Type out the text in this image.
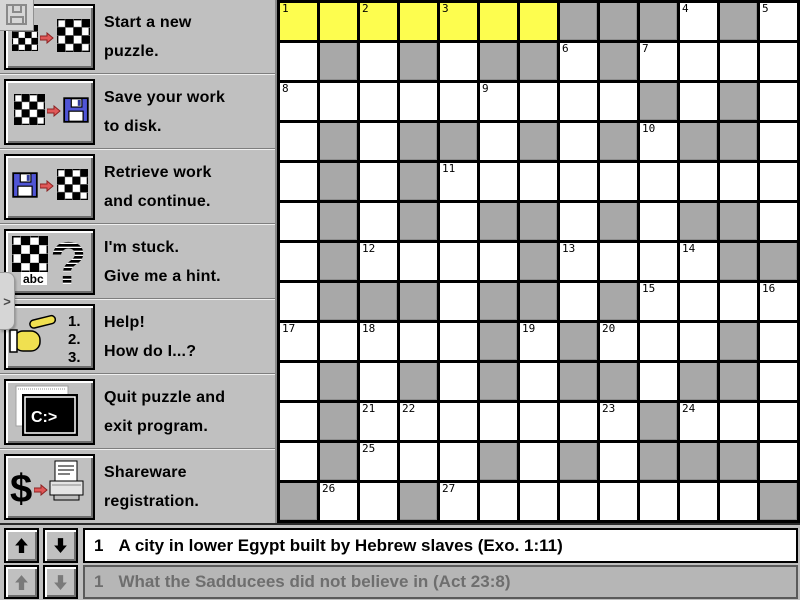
Start a new
puzzle.
Save your work
to disk.
Retrieve work
and continue.
abc ? I'm stuck.
Give me a hint.
1.
2.
3.
Help!
How do I...?
C:>
Quit puzzle and
exit program.
$	Shareware
registration.
>
1	2	3	4	5
6	7
8	9
10
11
12	13	14
15	16
17	18	19	20
21 22	23	24
25
26	27
1 A city in lower Egypt built by Hebrew slaves (Exo. 1:11)
1 What the Sadducees did not believe in (Act 23:8)
